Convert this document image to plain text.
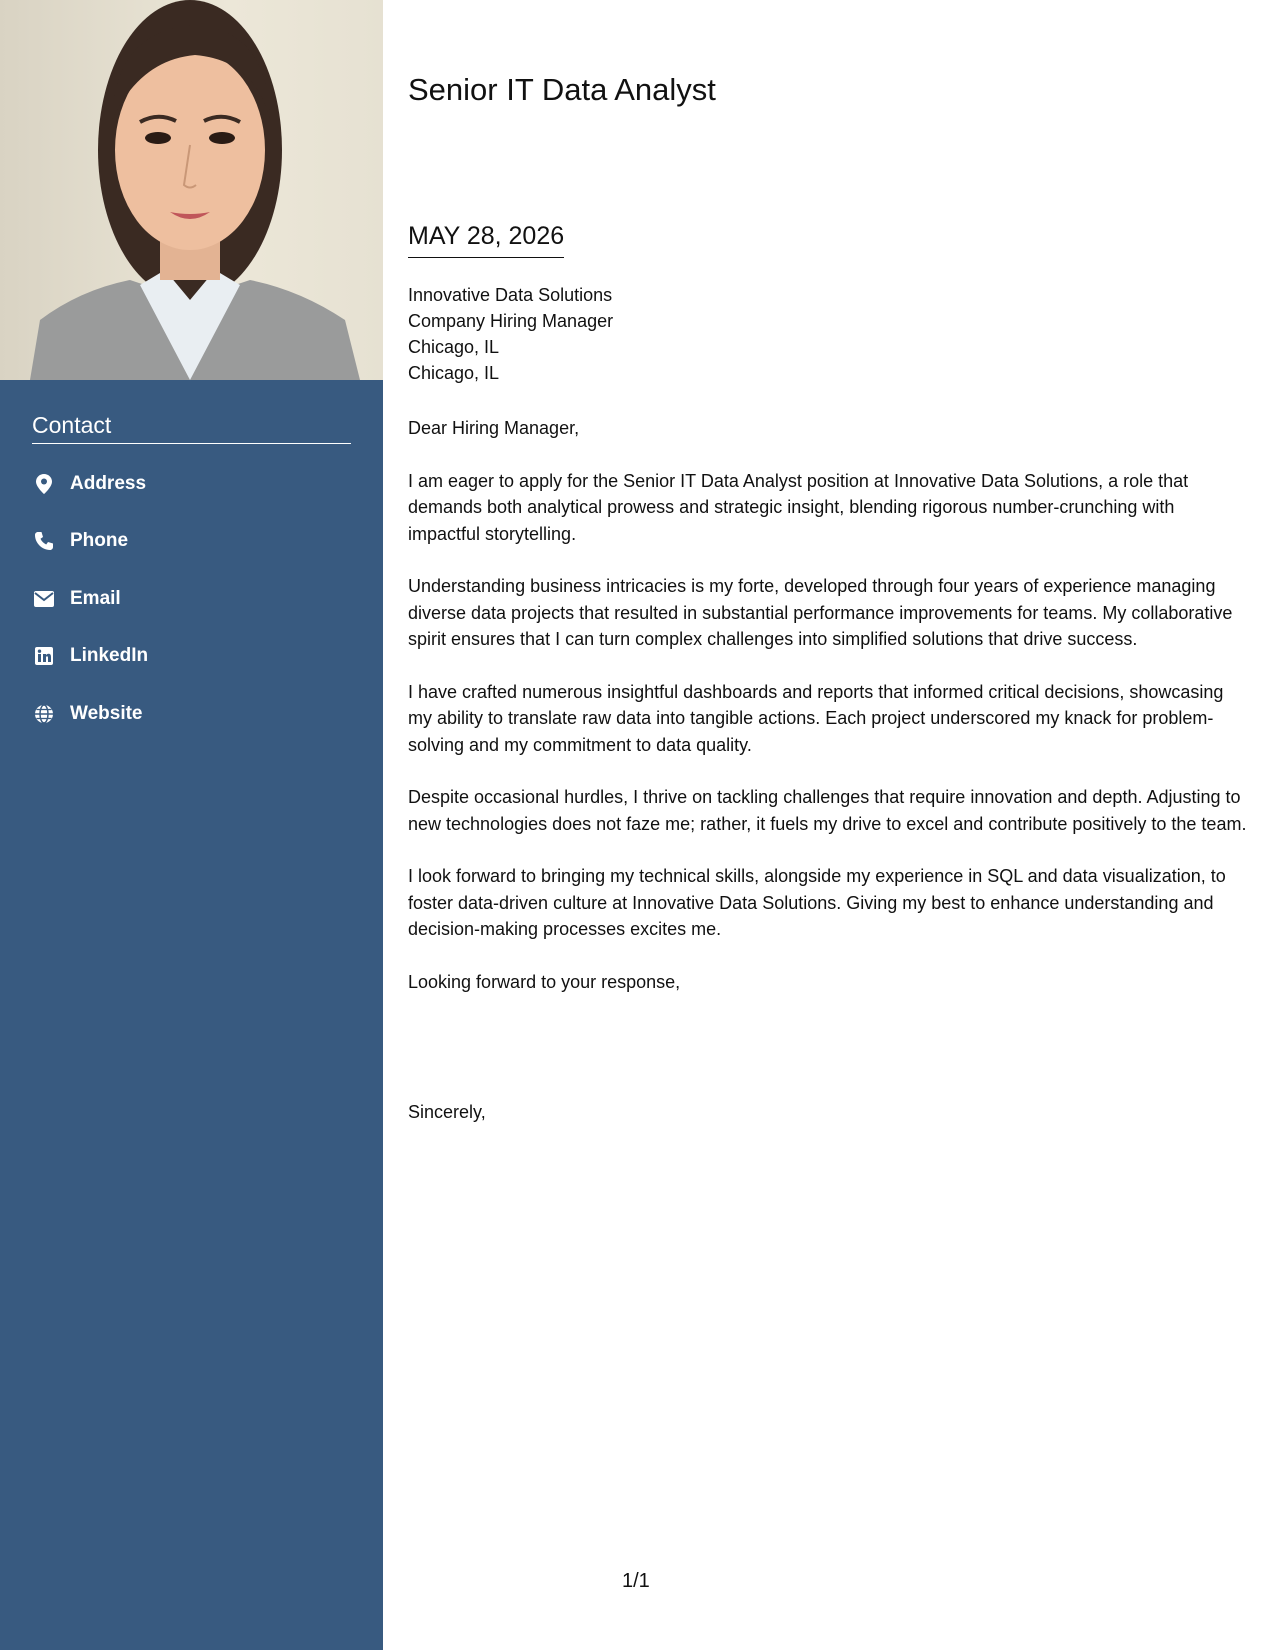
Contact
Address
Phone
Email
LinkedIn
Website
Senior IT Data Analyst
MAY 28, 2026
Innovative Data Solutions
Company Hiring Manager
Chicago, IL
Chicago, IL

Dear Hiring Manager,

I am eager to apply for the Senior IT Data Analyst position at Innovative Data Solutions, a role that demands both analytical prowess and strategic insight, blending rigorous number-crunching with impactful storytelling.

Understanding business intricacies is my forte, developed through four years of experience managing diverse data projects that resulted in substantial performance improvements for teams. My collaborative spirit ensures that I can turn complex challenges into simplified solutions that drive success.

I have crafted numerous insightful dashboards and reports that informed critical decisions, showcasing my ability to translate raw data into tangible actions. Each project underscored my knack for problem-solving and my commitment to data quality.

Despite occasional hurdles, I thrive on tackling challenges that require innovation and depth. Adjusting to new technologies does not faze me; rather, it fuels my drive to excel and contribute positively to the team.

I look forward to bringing my technical skills, alongside my experience in SQL and data visualization, to foster data-driven culture at Innovative Data Solutions. Giving my best to enhance understanding and decision-making processes excites me.

Looking forward to your response,

Sincerely,
1/1
